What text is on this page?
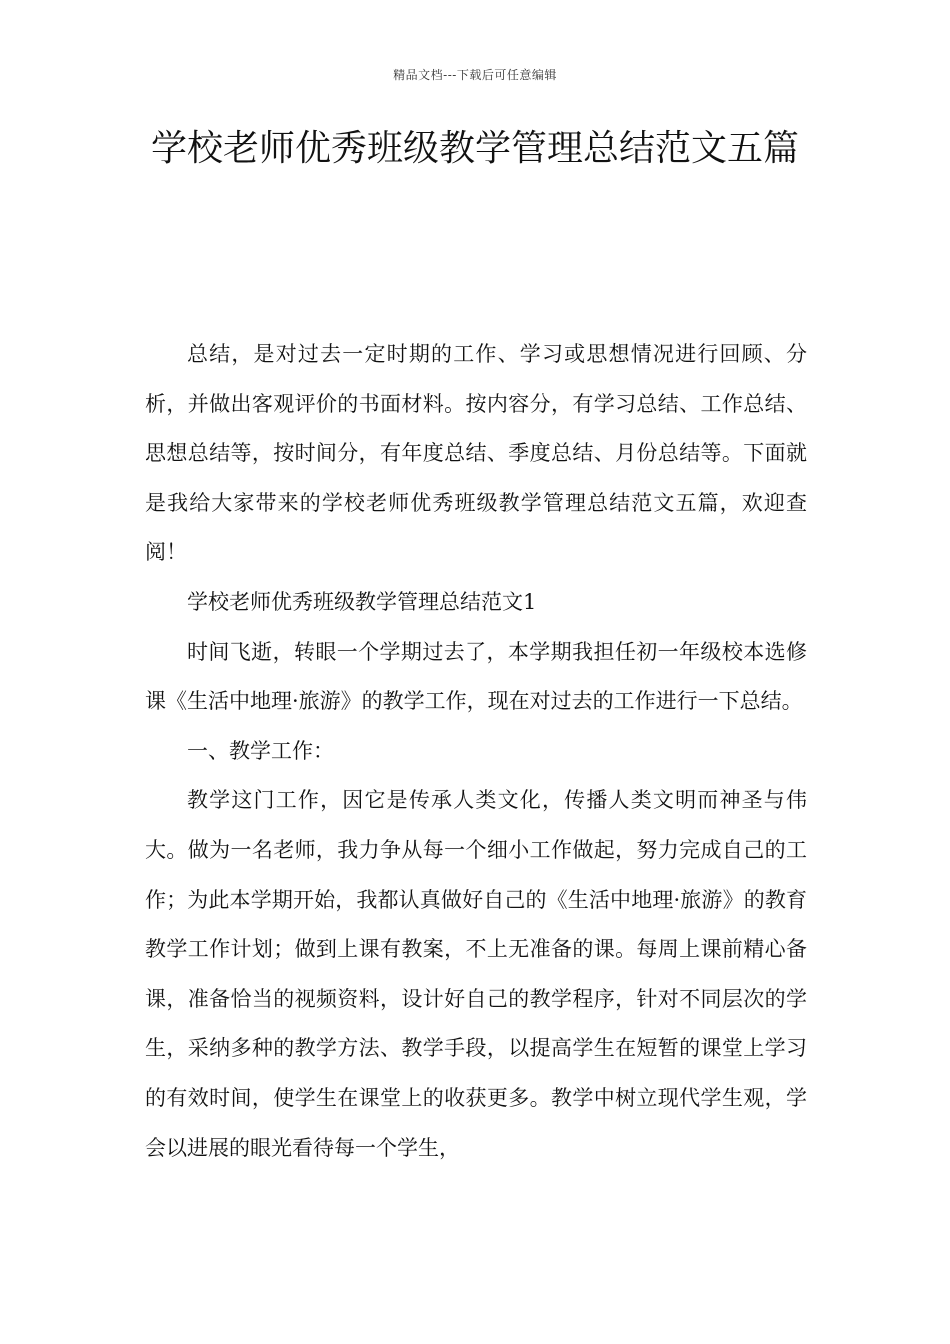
精品文档---下载后可任意编辑
学校老师优秀班级教学管理总结范文五篇

总结，是对过去一定时期的工作、学习或思想情况进行回顾、分析，并做出客观评价的书面材料。按内容分，有学习总结、工作总结、思想总结等，按时间分，有年度总结、季度总结、月份总结等。下面就是我给大家带来的学校老师优秀班级教学管理总结范文五篇，欢迎查阅！

学校老师优秀班级教学管理总结范文1

时间飞逝，转眼一个学期过去了，本学期我担任初一年级校本选修课《生活中地理·旅游》的教学工作，现在对过去的工作进行一下总结。

一、教学工作：

教学这门工作，因它是传承人类文化，传播人类文明而神圣与伟大。做为一名老师，我力争从每一个细小工作做起，努力完成自己的工作；为此本学期开始，我都认真做好自己的《生活中地理·旅游》的教育教学工作计划；做到上课有教案，不上无准备的课。每周上课前精心备课，准备恰当的视频资料，设计好自己的教学程序，针对不同层次的学生，采纳多种的教学方法、教学手段，以提高学生在短暂的课堂上学习的有效时间，使学生在课堂上的收获更多。教学中树立现代学生观，学会以进展的眼光看待每一个学生，
